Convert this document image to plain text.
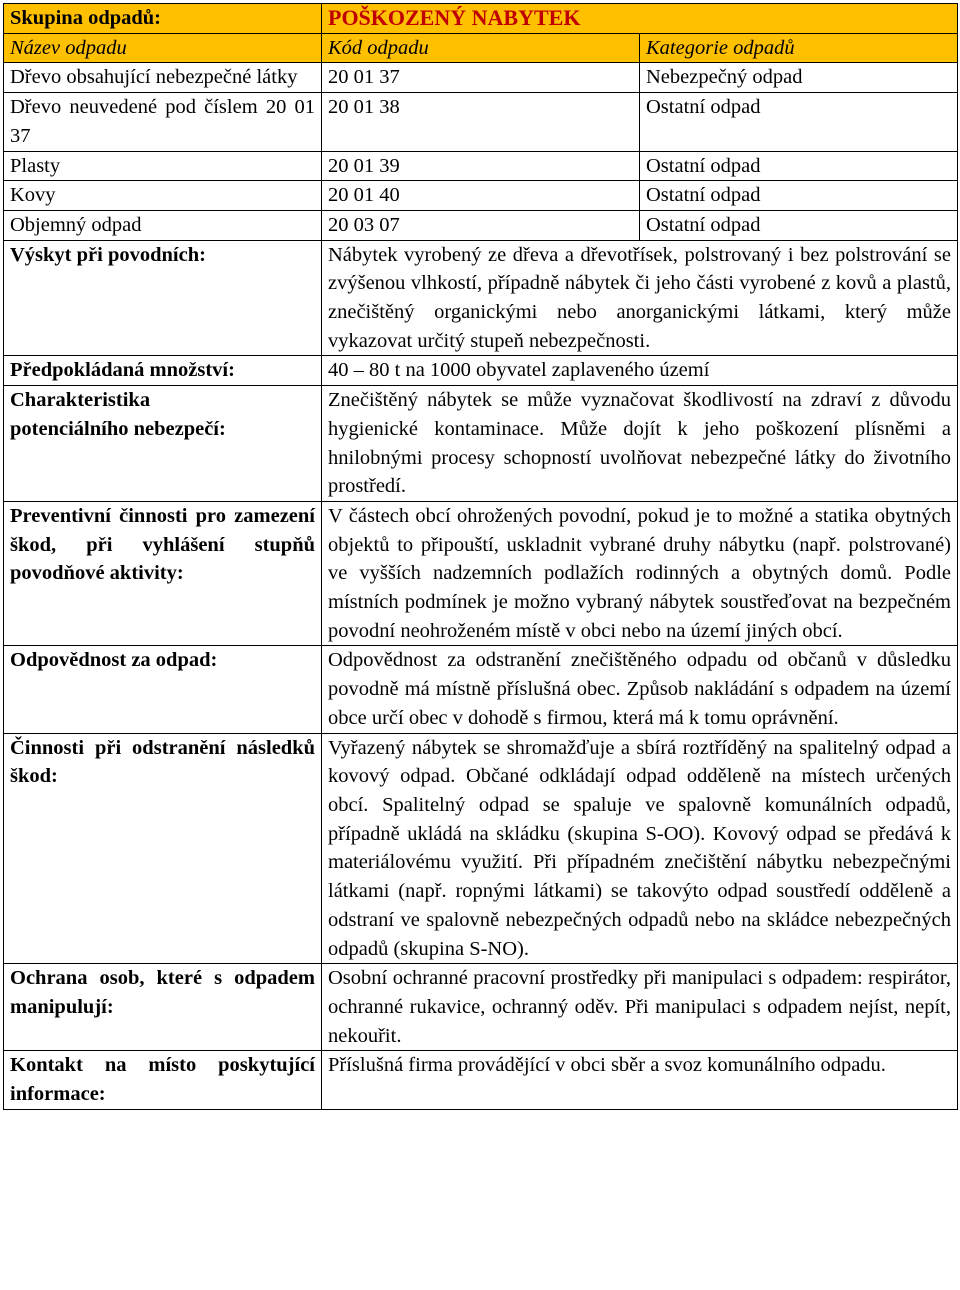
Skupina odpadů:	POŠKOZENÝ NABYTEK	
Název odpadu	Kód odpadu	Kategorie odpadů
Dřevo obsahující nebezpečné látky	20 01 37	Nebezpečný odpad
Dřevo neuvedené pod číslem 20 01 37	20 01 38	Ostatní odpad
Plasty	20 01 39	Ostatní odpad
Kovy	20 01 40	Ostatní odpad
Objemný odpad	20 03 07	Ostatní odpad
Výskyt při povodních:	Nábytek vyrobený ze dřeva a dřevotřísek, polstrovaný i bez polstrování se zvýšenou vlhkostí, případně nábytek či jeho části vyrobené z kovů a plastů, znečištěný organickými nebo anorganickými látkami, který může vykazovat určitý stupeň nebezpečnosti.	
Předpokládaná množství:	40 – 80 t na 1000 obyvatel zaplaveného území	
Charakteristika potenciálního nebezpečí:	Znečištěný nábytek se může vyznačovat škodlivostí na zdraví z důvodu hygienické kontaminace. Může dojít k jeho poškození plísněmi a hnilobnými procesy schopností uvolňovat nebezpečné látky do životního prostředí.	
Preventivní činnosti pro zamezení škod, při vyhlášení stupňů povodňové aktivity:	V částech obcí ohrožených povodní, pokud je to možné a statika obytných objektů to připouští, uskladnit vybrané druhy nábytku (např. polstrované) ve vyšších nadzemních podlažích rodinných a obytných domů. Podle místních podmínek je možno vybraný nábytek soustřeďovat na bezpečném povodní neohroženém místě v obci nebo na území jiných obcí.	
Odpovědnost za odpad:	Odpovědnost za odstranění znečištěného odpadu od občanů v důsledku povodně má místně příslušná obec. Způsob nakládání s odpadem na území obce určí obec v dohodě s firmou, která má k tomu oprávnění.	
Činnosti při odstranění následků škod:	Vyřazený nábytek se shromažďuje a sbírá roztříděný na spalitelný odpad a kovový odpad. Občané odkládají odpad odděleně na místech určených obcí. Spalitelný odpad se spaluje ve spalovně komunálních odpadů, případně ukládá na skládku (skupina S-OO). Kovový odpad se předává k materiálovému využití. Při případném znečištění nábytku nebezpečnými látkami (např. ropnými látkami) se takovýto odpad soustředí odděleně a odstraní ve spalovně nebezpečných odpadů nebo na skládce nebezpečných odpadů (skupina S-NO).	
Ochrana osob, které s odpadem manipulují:	Osobní ochranné pracovní prostředky při manipulaci s odpadem: respirátor, ochranné rukavice, ochranný oděv. Při manipulaci s odpadem nejíst, nepít, nekouřit.	
Kontakt na místo poskytující informace:	Příslušná firma provádějící v obci sběr a svoz komunálního odpadu.	
